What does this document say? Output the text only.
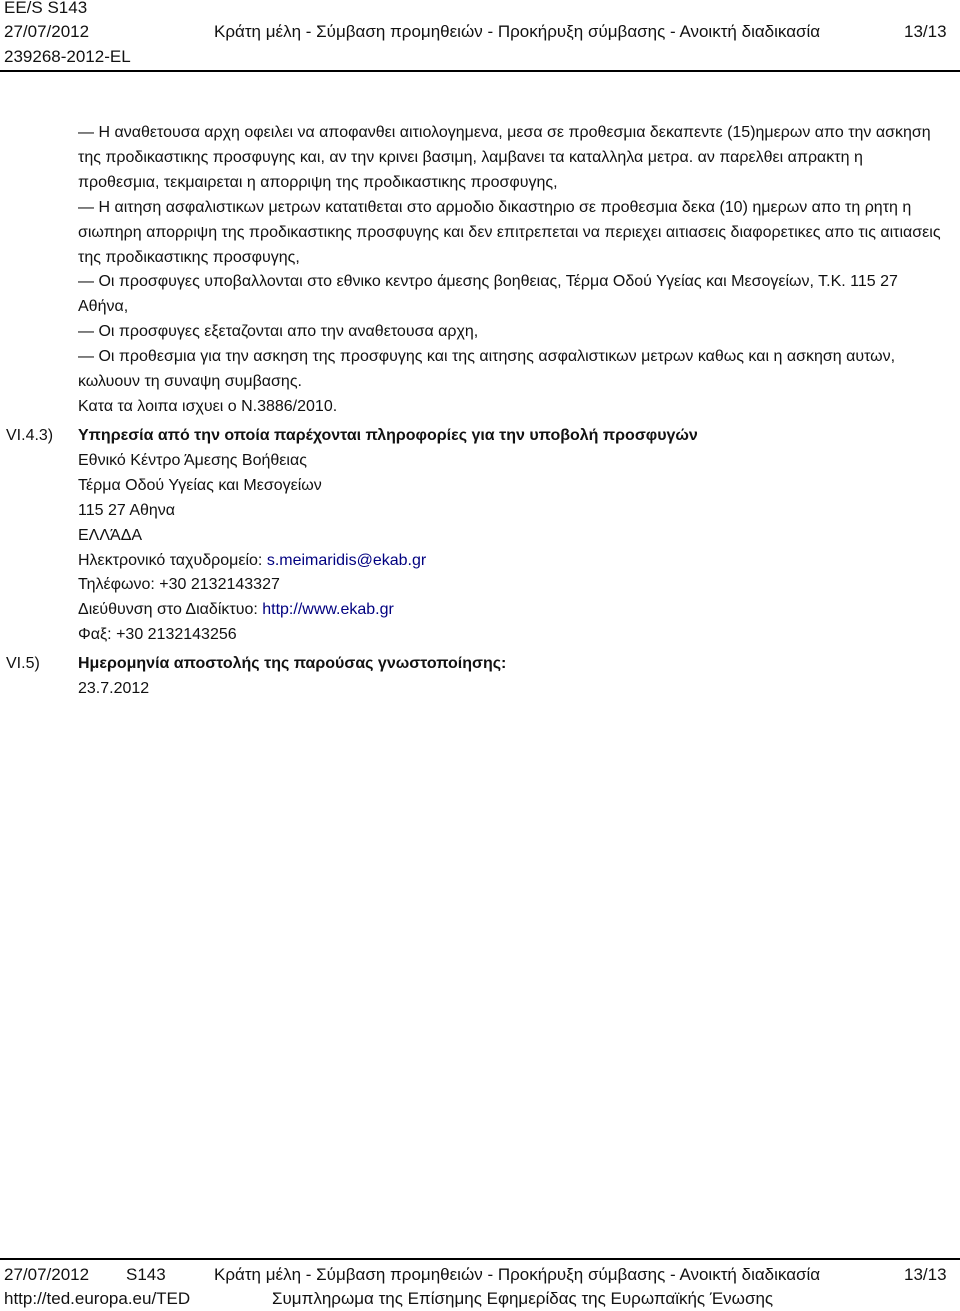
EE/S S143
27/07/2012	Κράτη μέλη - Σύμβαση προμηθειών - Προκήρυξη σύμβασης - Ανοικτή διαδικασία	13/13
239268-2012-EL

— Η αναθετουσα αρχη οφειλει να αποφανθει αιτιολογημενα, μεσα σε προθεσμια δεκαπεντε (15)ημερων απο την ασκηση της προδικαστικης προσφυγης και, αν την κρινει βασιμη, λαμβανει τα καταλληλα μετρα. αν παρελθει απρακτη η προθεσμια, τεκμαιρεται η απορριψη της προδικαστικης προσφυγης,

— Η αιτηση ασφαλιστικων μετρων κατατιθεται στο αρμοδιο δικαστηριο σε προθεσμια δεκα (10) ημερων απο τη ρητη η σιωπηρη απορριψη της προδικαστικης προσφυγης και δεν επιτρεπεται να περιεχει αιτιασεις διαφορετικες απο τις αιτιασεις της προδικαστικης προσφυγης,

— Οι προσφυγες υποβαλλονται στο εθνικο κεντρο άμεσης βοηθειας, Τέρμα Οδού Υγείας και Μεσογείων, Τ.Κ. 115 27 Αθήνα,

— Οι προσφυγες εξεταζονται απο την αναθετουσα αρχη,

— Οι προθεσμια για την ασκηση της προσφυγης και της αιτησης ασφαλιστικων μετρων καθως και η ασκηση αυτων, κωλυουν τη συναψη συμβασης.

Κατα τα λοιπα ισχυει ο Ν.3886/2010.

VI.4.3) Υπηρεσία από την οποία παρέχονται πληροφορίες για την υποβολή προσφυγών

Εθνικό Κέντρο Άμεσης Βοήθειας

Τέρμα Οδού Υγείας και Μεσογείων

115 27 Αθηνα

ΕΛΛΆΔΑ

Ηλεκτρονικό ταχυδρομείο: s.meimaridis@ekab.gr

Τηλέφωνο: +30 2132143327

Διεύθυνση στο Διαδίκτυο: http://www.ekab.gr

Φαξ: +30 2132143256

VI.5) Ημερομηνία αποστολής της παρούσας γνωστοποίησης:

23.7.2012

27/07/2012 S143	Κράτη μέλη - Σύμβαση προμηθειών - Προκήρυξη σύμβασης - Ανοικτή διαδικασία	13/13
http://ted.europa.eu/TED	Συμπληρωμα της Επίσημης Εφημερίδας της Ευρωπαϊκής Ένωσης
